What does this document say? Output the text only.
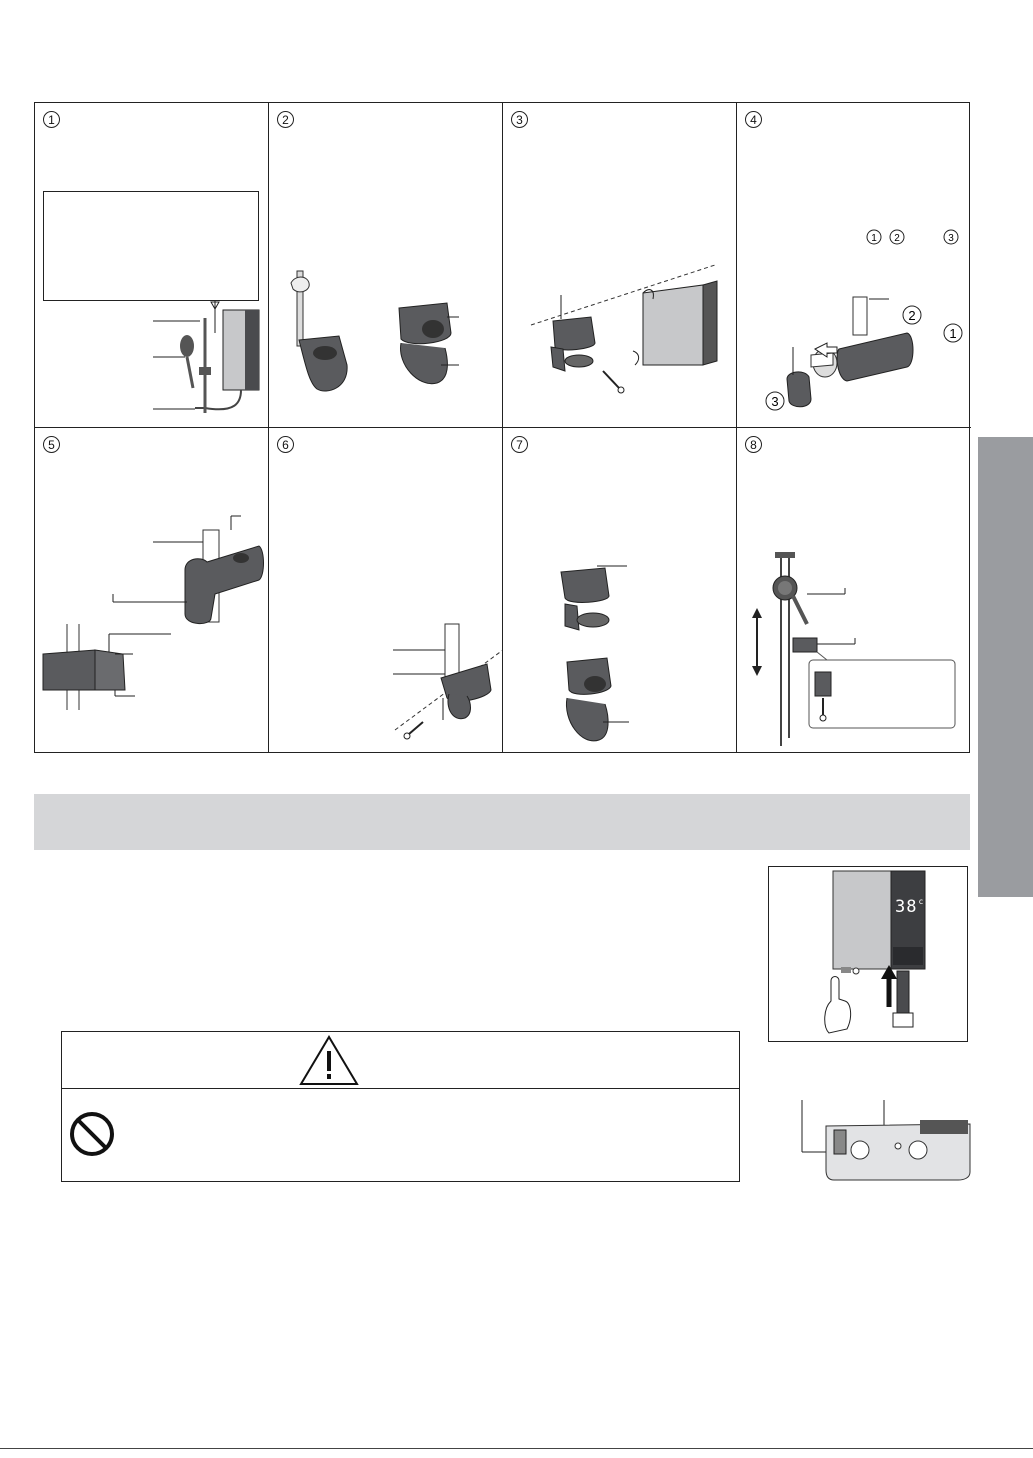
1	2	3	4
1 2	3
2
1
3
5	6	7	8
38$^c$
